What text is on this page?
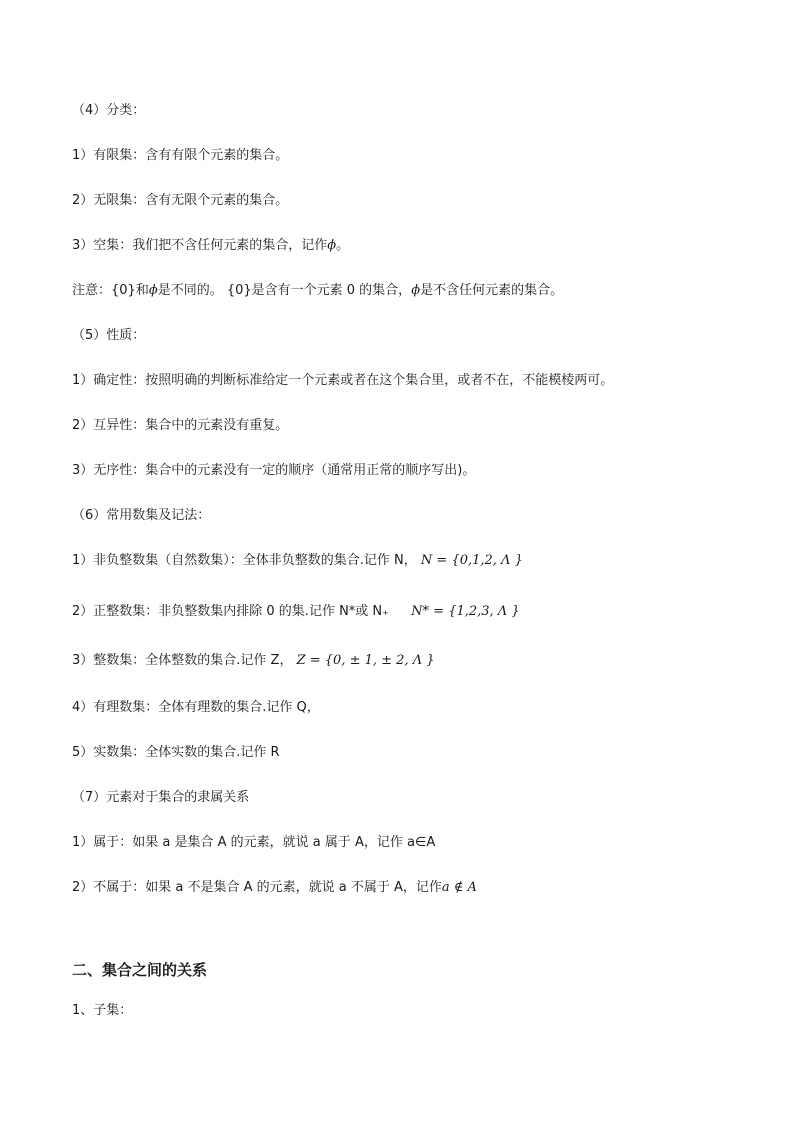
（4）分类：
1）有限集：含有有限个元素的集合。
2）无限集：含有无限个元素的集合。
3）空集：我们把不含任何元素的集合，记作ϕ。
注意：{0}和ϕ是不同的。 {0}是含有一个元素 0 的集合，ϕ是不含任何元素的集合。
（5）性质：
1）确定性：按照明确的判断标准给定一个元素或者在这个集合里，或者不在，不能模棱两可。
2）互异性：集合中的元素没有重复。
3）无序性：集合中的元素没有一定的顺序（通常用正常的顺序写出)。
（6）常用数集及记法：
1）非负整数集（自然数集）：全体非负整数的集合.记作 N， N = {0,1,2, Λ }
2）正整数集：非负整数集内排除 0 的集.记作 N*或 N₊ N* = {1,2,3, Λ }
3）整数集：全体整数的集合.记作 Z， Z = {0, ± 1, ± 2, Λ }
4）有理数集：全体有理数的集合.记作 Q，
5）实数集：全体实数的集合.记作 R
（7）元素对于集合的隶属关系
1）属于：如果 a 是集合 A 的元素，就说 a 属于 A，记作 a∈A
2）不属于：如果 a 不是集合 A 的元素，就说 a 不属于 A，记作a ∉ A
二、集合之间的关系
1、子集：
